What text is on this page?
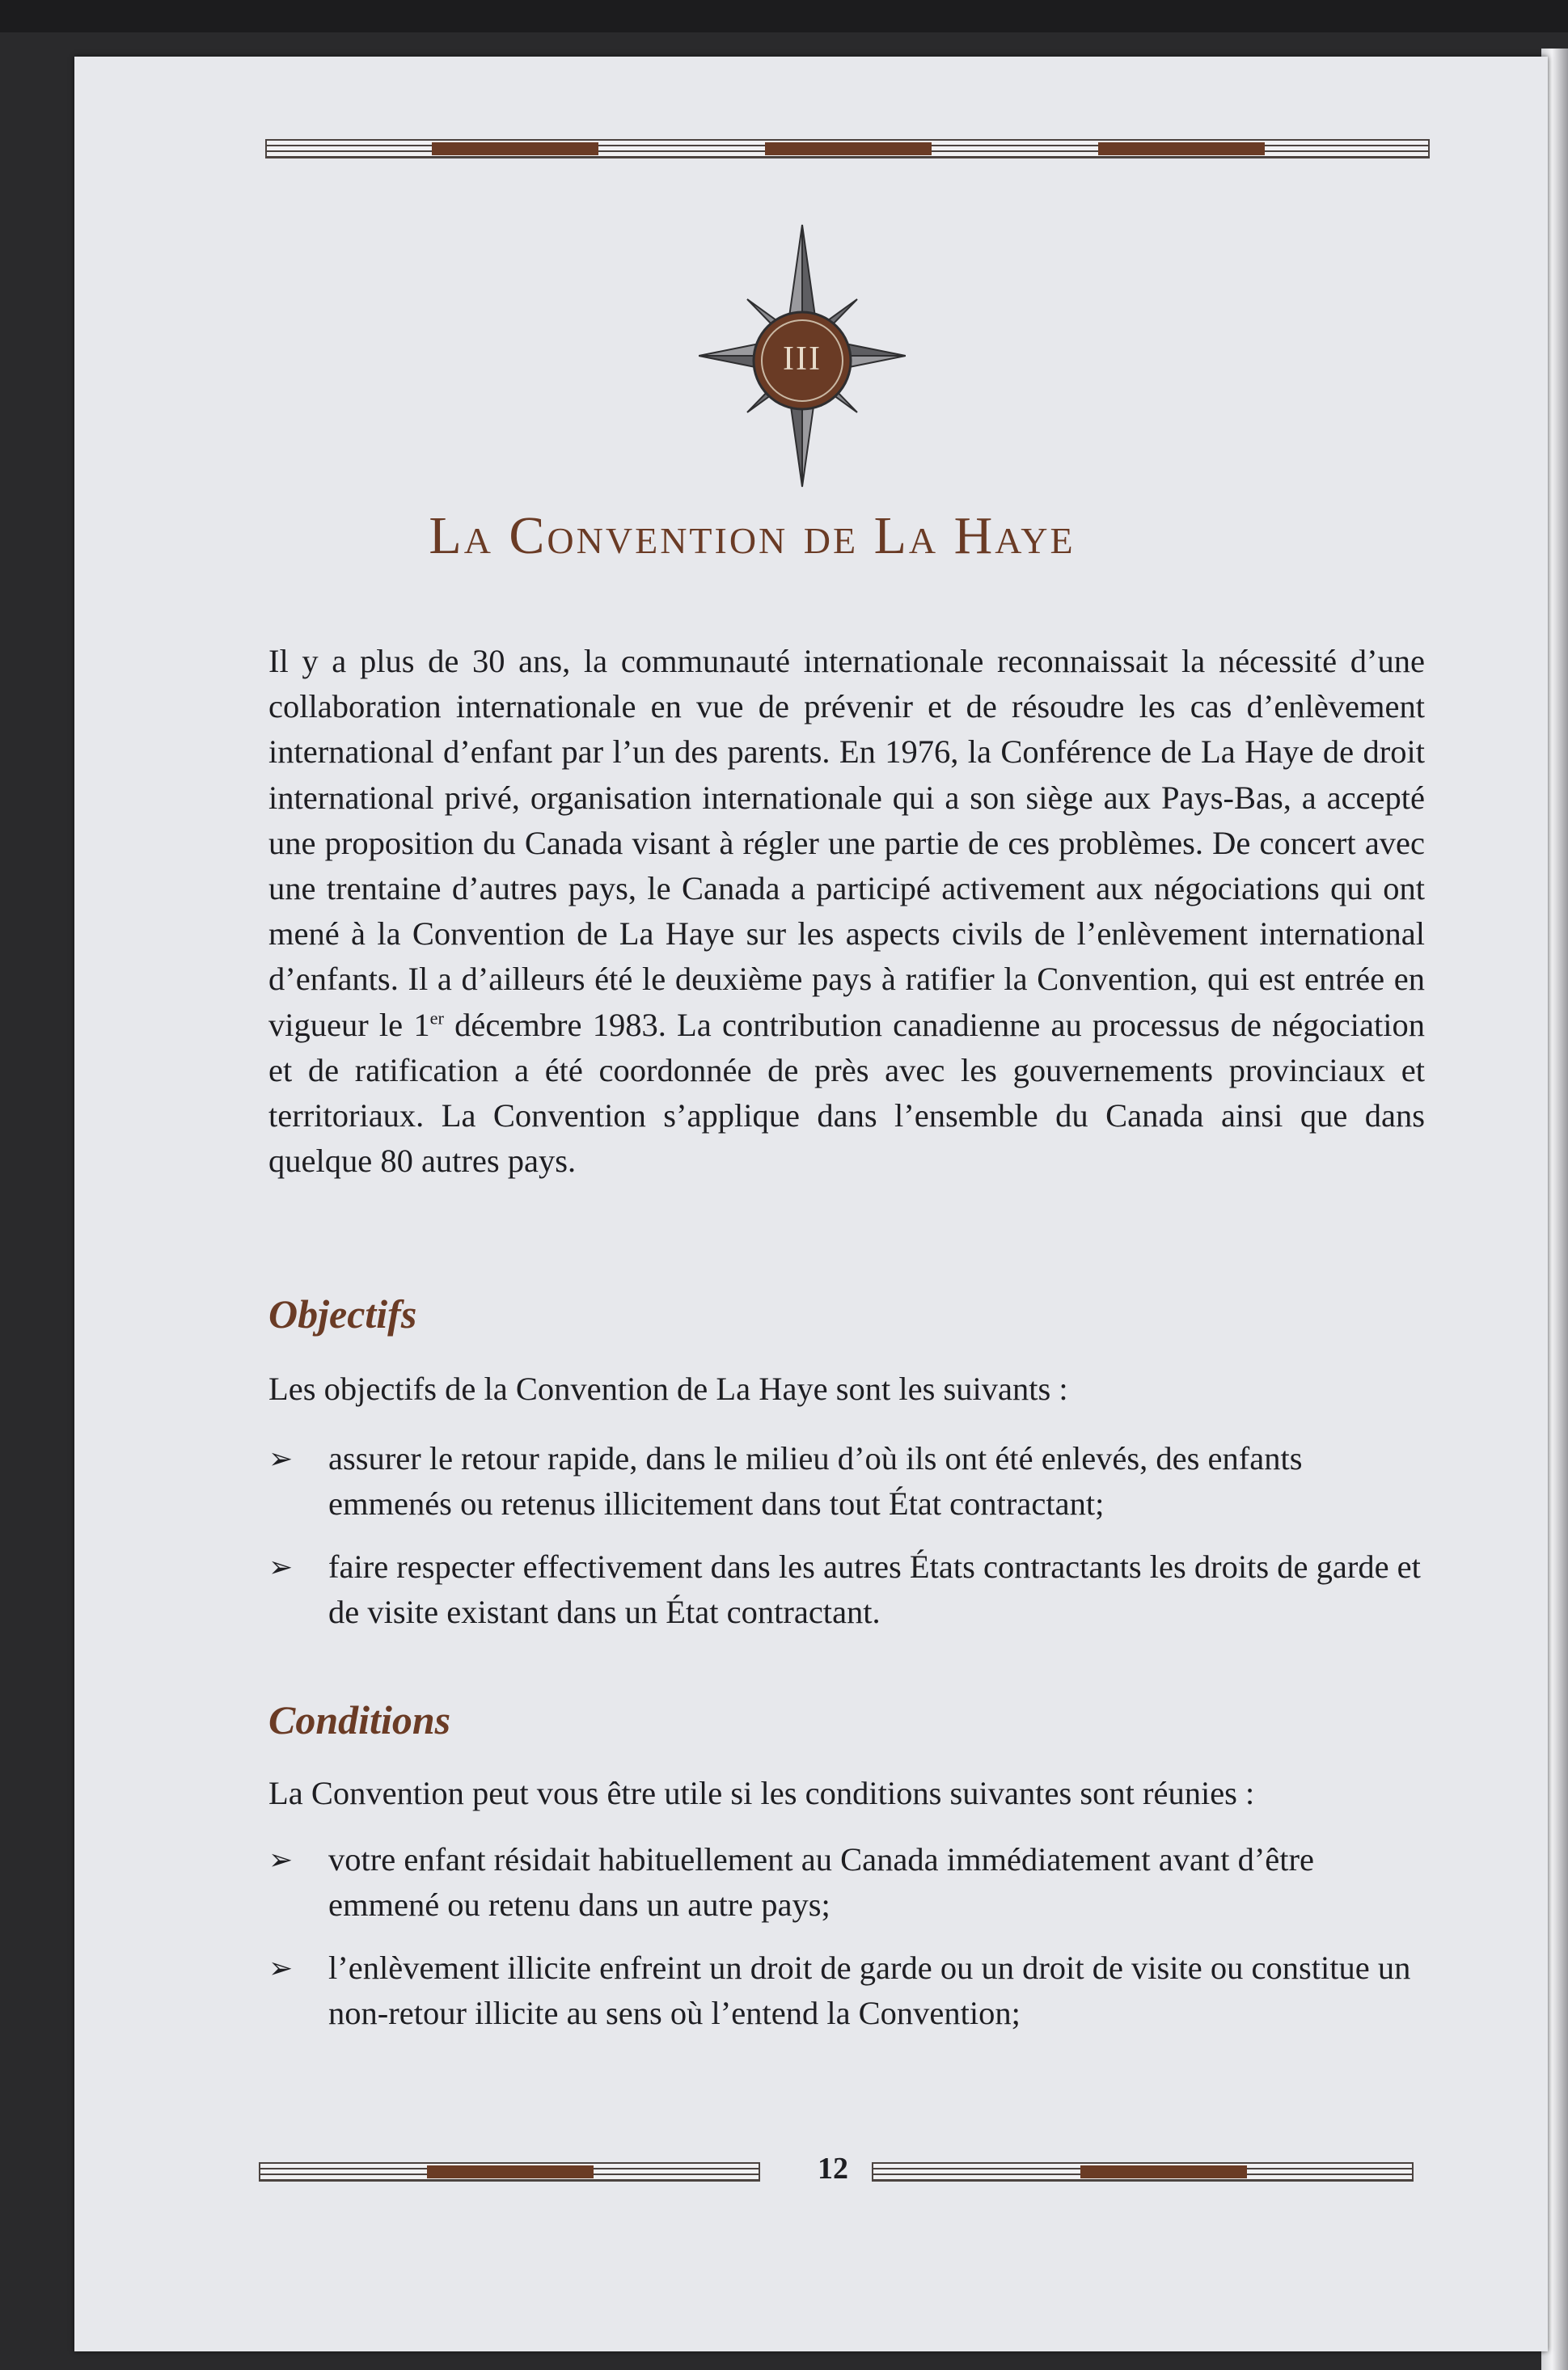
III
La Convention de La Haye

Il y a plus de 30 ans, la communauté internationale reconnaissait la nécessité d’une collaboration internationale en vue de prévenir et de résoudre les cas d’enlèvement international d’enfant par l’un des parents. En 1976, la Conférence de La Haye de droit international privé, organisation internationale qui a son siège aux Pays-Bas, a accepté une proposition du Canada visant à régler une partie de ces problèmes. De concert avec une trentaine d’autres pays, le Canada a participé activement aux négociations qui ont mené à la Convention de La Haye sur les aspects civils de l’enlèvement international d’enfants. Il a d’ailleurs été le deuxième pays à ratifier la Convention, qui est entrée en vigueur le 1er décembre 1983. La contribution canadienne au processus de négociation et de ratification a été coordonnée de près avec les gouvernements provinciaux et territoriaux. La Convention s’applique dans l’ensemble du Canada ainsi que dans quelque 80 autres pays.

Objectifs

Les objectifs de la Convention de La Haye sont les suivants :

➢	assurer le retour rapide, dans le milieu d’où ils ont été enlevés, des enfants emmenés ou retenus illicitement dans tout État contractant;
➢	faire respecter effectivement dans les autres États contractants les droits de garde et de visite existant dans un État contractant.
Conditions

La Convention peut vous être utile si les conditions suivantes sont réunies :

➢	votre enfant résidait habituellement au Canada immédiatement avant d’être emmené ou retenu dans un autre pays;
➢	l’enlèvement illicite enfreint un droit de garde ou un droit de visite ou constitue un non-retour illicite au sens où l’entend la Convention;
12
